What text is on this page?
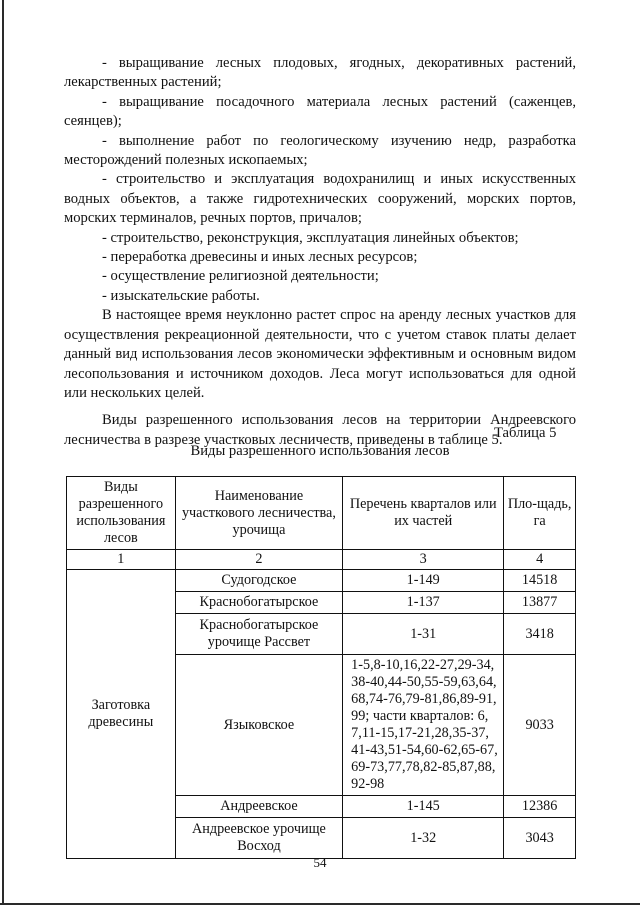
- выращивание лесных плодовых, ягодных, декоративных растений, лекарственных растений;

- выращивание посадочного материала лесных растений (саженцев, сеянцев);

- выполнение работ по геологическому изучению недр, разработка месторождений полезных ископаемых;

- строительство и эксплуатация водохранилищ и иных искусственных водных объектов, а также гидротехнических сооружений, морских портов, морских терминалов, речных портов, причалов;

- строительство, реконструкция, эксплуатация линейных объектов;

- переработка древесины и иных лесных ресурсов;

- осуществление религиозной деятельности;

- изыскательские работы.

В настоящее время неуклонно растет спрос на аренду лесных участков для осуществления рекреационной деятельности, что с учетом ставок платы делает данный вид использования лесов экономически эффективным и основным видом лесопользования и источником доходов. Леса могут использоваться для одной или нескольких целей.

Виды разрешенного использования лесов на территории Андреевского лесничества в разрезе участковых лесничеств, приведены в таблице 5.

Таблица 5
Виды разрешенного использования лесов
Виды разрешенного использования лесов	Наименование участкового лесничества, урочища	Перечень кварталов или их частей	Пло-щадь, га
1	2	3	4
Заготовка древесины	Судогодское	1-149	14518
	Краснобогатырское	1-137	13877
	Краснобогатырское урочище Рассвет	1-31	3418
	Языковское	1-5,8-10,16,22-27,29-34, 38-40,44-50,55-59,63,64, 68,74-76,79-81,86,89-91, 99; части кварталов: 6, 7,11-15,17-21,28,35-37, 41-43,51-54,60-62,65-67, 69-73,77,78,82-85,87,88, 92-98	9033
	Андреевское	1-145	12386
	Андреевское урочище Восход	1-32	3043
54
